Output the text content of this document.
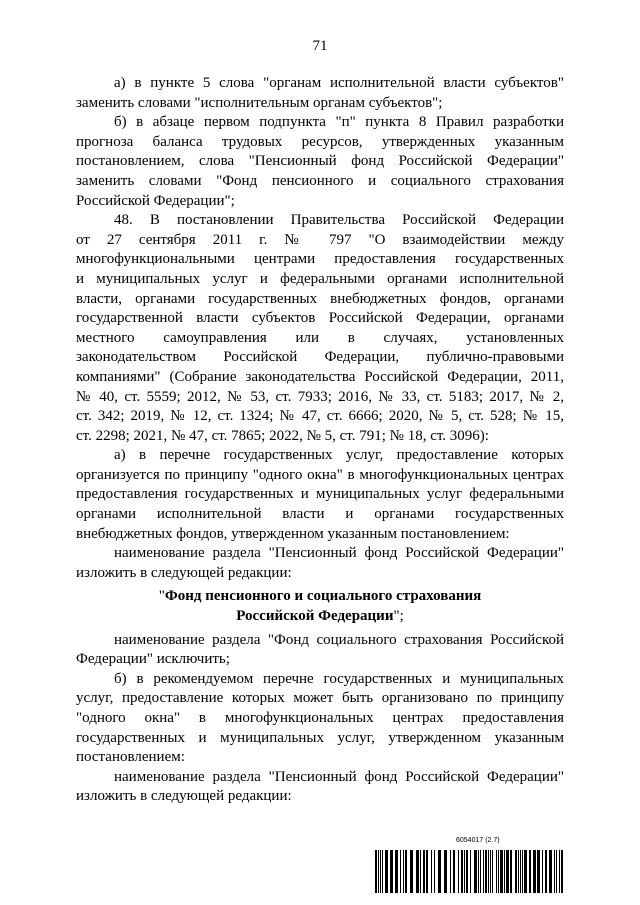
71
а) в пункте 5 слова "органам исполнительной власти субъектов"
заменить словами "исполнительным органам субъектов";
б) в абзаце первом подпункта "п" пункта 8 Правил разработки
прогноза баланса трудовых ресурсов, утвержденных указанным
постановлением, слова "Пенсионный фонд Российской Федерации"
заменить словами "Фонд пенсионного и социального страхования
Российской Федерации";
48. В постановлении Правительства Российской Федерации
от 27 сентября 2011 г. № 797 "О взаимодействии между
многофункциональными центрами предоставления государственных
и муниципальных услуг и федеральными органами исполнительной
власти, органами государственных внебюджетных фондов, органами
государственной власти субъектов Российской Федерации, органами
местного самоуправления или в случаях, установленных
законодательством Российской Федерации, публично-правовыми
компаниями" (Собрание законодательства Российской Федерации, 2011,
№ 40, ст. 5559; 2012, № 53, ст. 7933; 2016, № 33, ст. 5183; 2017, № 2,
ст. 342; 2019, № 12, ст. 1324; № 47, ст. 6666; 2020, № 5, ст. 528; № 15,
ст. 2298; 2021, № 47, ст. 7865; 2022, № 5, ст. 791; № 18, ст. 3096):
а) в перечне государственных услуг, предоставление которых
организуется по принципу "одного окна" в многофункциональных центрах
предоставления государственных и муниципальных услуг федеральными
органами исполнительной власти и органами государственных
внебюджетных фондов, утвержденном указанным постановлением:
наименование раздела "Пенсионный фонд Российской Федерации"
изложить в следующей редакции:
"Фонд пенсионного и социального страхования
Российской Федерации";
наименование раздела "Фонд социального страхования Российской
Федерации" исключить;
б) в рекомендуемом перечне государственных и муниципальных
услуг, предоставление которых может быть организовано по принципу
"одного окна" в многофункциональных центрах предоставления
государственных и муниципальных услуг, утвержденном указанным
постановлением:
наименование раздела "Пенсионный фонд Российской Федерации"
изложить в следующей редакции:
6054017 (2.7)
